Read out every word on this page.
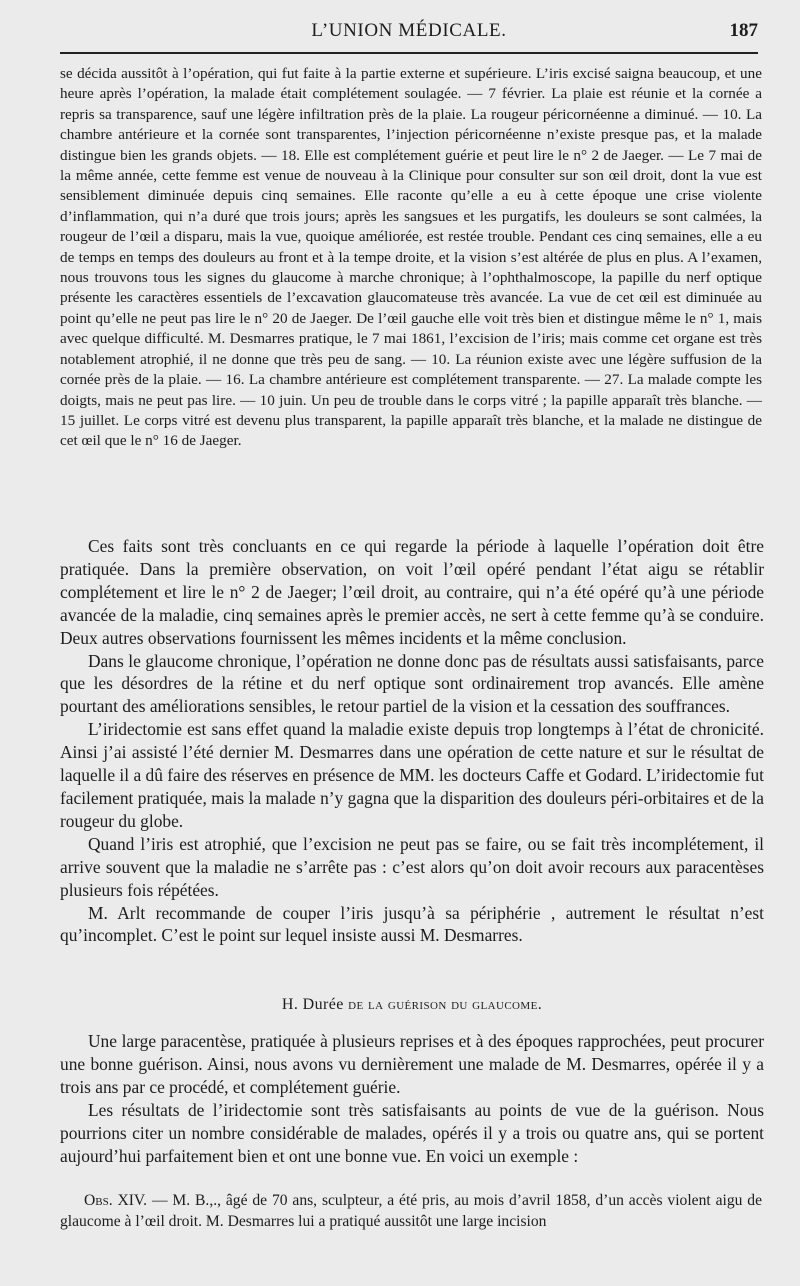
L’UNION MÉDICALE.	187

se décida aussitôt à l’opération, qui fut faite à la partie externe et supérieure. L’iris excisé saigna beaucoup, et une heure après l’opération, la malade était complétement soulagée. — 7 février. La plaie est réunie et la cornée a repris sa transparence, sauf une légère infiltration près de la plaie. La rougeur péricornéenne a diminué. — 10. La chambre antérieure et la cornée sont transparentes, l’injection péricornéenne n’existe presque pas, et la malade distingue bien les grands objets. — 18. Elle est complétement guérie et peut lire le n° 2 de Jaeger. — Le 7 mai de la même année, cette femme est venue de nouveau à la Clinique pour consulter sur son œil droit, dont la vue est sensiblement diminuée depuis cinq semaines. Elle raconte qu’elle a eu à cette époque une crise violente d’inflammation, qui n’a duré que trois jours; après les sangsues et les purgatifs, les douleurs se sont calmées, la rougeur de l’œil a disparu, mais la vue, quoique améliorée, est restée trouble. Pendant ces cinq semaines, elle a eu de temps en temps des douleurs au front et à la tempe droite, et la vision s’est altérée de plus en plus. A l’examen, nous trouvons tous les signes du glaucome à marche chronique; à l’ophthalmoscope, la papille du nerf optique présente les caractères essentiels de l’excavation glaucomateuse très avancée. La vue de cet œil est diminuée au point qu’elle ne peut pas lire le n° 20 de Jaeger. De l’œil gauche elle voit très bien et distingue même le n° 1, mais avec quelque difficulté. M. Desmarres pratique, le 7 mai 1861, l’excision de l’iris; mais comme cet organe est très notablement atrophié, il ne donne que très peu de sang. — 10. La réunion existe avec une légère suffusion de la cornée près de la plaie. — 16. La chambre antérieure est complétement transparente. — 27. La malade compte les doigts, mais ne peut pas lire. — 10 juin. Un peu de trouble dans le corps vitré ; la papille apparaît très blanche. — 15 juillet. Le corps vitré est devenu plus transparent, la papille apparaît très blanche, et la malade ne distingue de cet œil que le n° 16 de Jaeger.

Ces faits sont très concluants en ce qui regarde la période à laquelle l’opération doit être pratiquée. Dans la première observation, on voit l’œil opéré pendant l’état aigu se rétablir complétement et lire le n° 2 de Jaeger; l’œil droit, au contraire, qui n’a été opéré qu’à une période avancée de la maladie, cinq semaines après le premier accès, ne sert à cette femme qu’à se conduire. Deux autres observations fournissent les mêmes incidents et la même conclusion.

Dans le glaucome chronique, l’opération ne donne donc pas de résultats aussi satisfaisants, parce que les désordres de la rétine et du nerf optique sont ordinairement trop avancés. Elle amène pourtant des améliorations sensibles, le retour partiel de la vision et la cessation des souffrances.

L’iridectomie est sans effet quand la maladie existe depuis trop longtemps à l’état de chronicité. Ainsi j’ai assisté l’été dernier M. Desmarres dans une opération de cette nature et sur le résultat de laquelle il a dû faire des réserves en présence de MM. les docteurs Caffe et Godard. L’iridectomie fut facilement pratiquée, mais la malade n’y gagna que la disparition des douleurs péri-orbitaires et de la rougeur du globe.

Quand l’iris est atrophié, que l’excision ne peut pas se faire, ou se fait très incomplétement, il arrive souvent que la maladie ne s’arrête pas : c’est alors qu’on doit avoir recours aux paracentèses plusieurs fois répétées.

M. Arlt recommande de couper l’iris jusqu’à sa périphérie , autrement le résultat n’est qu’incomplet. C’est le point sur lequel insiste aussi M. Desmarres.

H. Durée de la guérison du glaucome.

Une large paracentèse, pratiquée à plusieurs reprises et à des époques rapprochées, peut procurer une bonne guérison. Ainsi, nous avons vu dernièrement une malade de M. Desmarres, opérée il y a trois ans par ce procédé, et complétement guérie.

Les résultats de l’iridectomie sont très satisfaisants au points de vue de la guérison. Nous pourrions citer un nombre considérable de malades, opérés il y a trois ou quatre ans, qui se portent aujourd’hui parfaitement bien et ont une bonne vue. En voici un exemple :

Obs. XIV. — M. B.,., âgé de 70 ans, sculpteur, a été pris, au mois d’avril 1858, d’un accès violent aigu de glaucome à l’œil droit. M. Desmarres lui a pratiqué aussitôt une large incision
